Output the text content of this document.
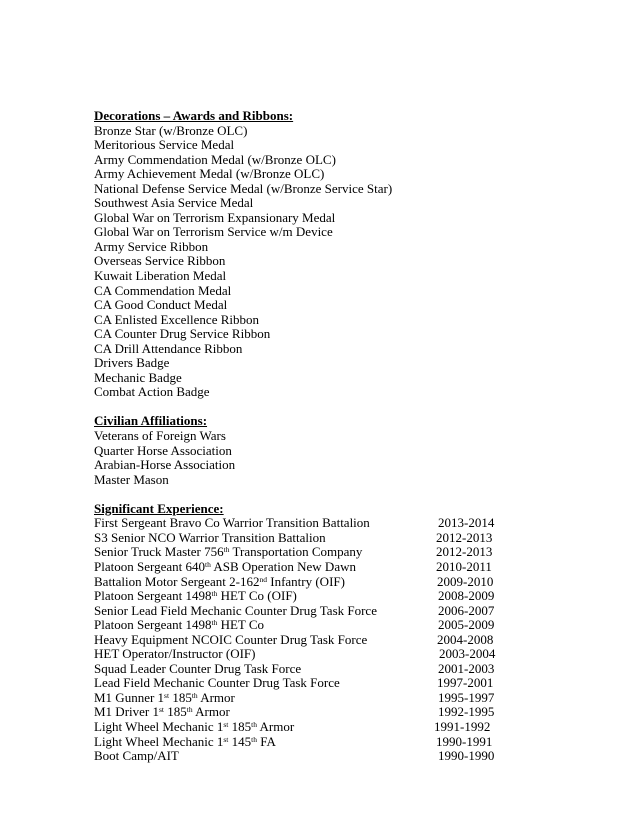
Decorations – Awards and Ribbons:
Bronze Star (w/Bronze OLC)
Meritorious Service Medal
Army Commendation Medal (w/Bronze OLC)
Army Achievement Medal (w/Bronze OLC)
National Defense Service Medal (w/Bronze Service Star)
Southwest Asia Service Medal
Global War on Terrorism Expansionary Medal
Global War on Terrorism Service w/m Device
Army Service Ribbon
Overseas Service Ribbon
Kuwait Liberation Medal
CA Commendation Medal
CA Good Conduct Medal
CA Enlisted Excellence Ribbon
CA Counter Drug Service Ribbon
CA Drill Attendance Ribbon
Drivers Badge
Mechanic Badge
Combat Action Badge
Civilian Affiliations:
Veterans of Foreign Wars
Quarter Horse Association
Arabian-Horse Association
Master Mason
Significant Experience:
First Sergeant Bravo Co Warrior Transition Battalion	2013-2014
S3 Senior NCO Warrior Transition Battalion	2012-2013
Senior Truck Master 756th Transportation Company	2012-2013
Platoon Sergeant 640th ASB Operation New Dawn	2010-2011
Battalion Motor Sergeant 2-162nd Infantry (OIF)	2009-2010
Platoon Sergeant 1498th HET Co (OIF)	2008-2009
Senior Lead Field Mechanic Counter Drug Task Force	2006-2007
Platoon Sergeant 1498th HET Co	2005-2009
Heavy Equipment NCOIC Counter Drug Task Force	2004-2008
HET Operator/Instructor (OIF)	2003-2004
Squad Leader Counter Drug Task Force	2001-2003
Lead Field Mechanic Counter Drug Task Force	1997-2001
M1 Gunner 1st 185th Armor	1995-1997
M1 Driver 1st 185th Armor	1992-1995
Light Wheel Mechanic 1st 185th Armor	1991-1992
Light Wheel Mechanic 1st 145th FA	1990-1991
Boot Camp/AIT	1990-1990
